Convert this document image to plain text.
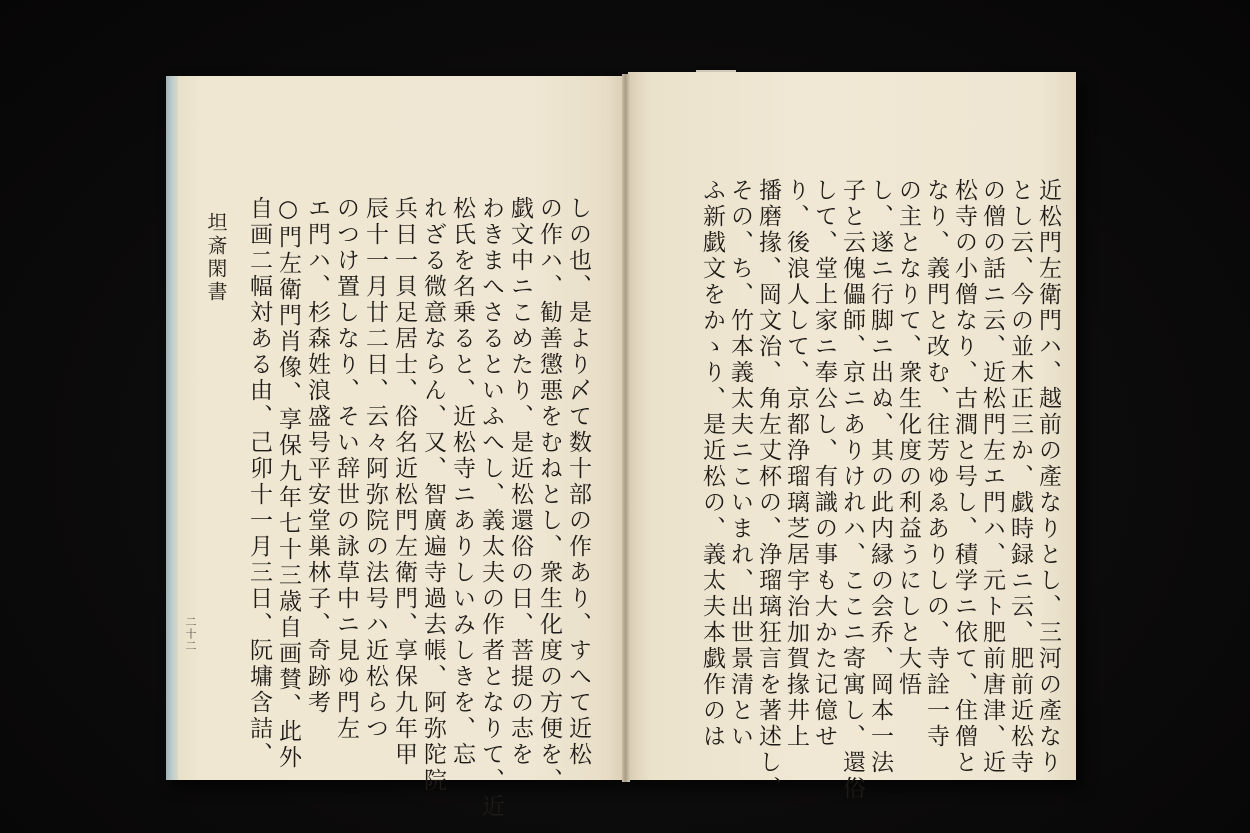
しの也、是より〆て数十部の作あり、すへて近松
の作ハ、勧善懲悪をむねとし、衆生化度の方便を、
戯文中ニこめたり、是近松還俗の日、菩提の志を
わきまへさるといふへし、義太夫の作者となりて、近
松氏を名乗ると、近松寺ニありしいみしきを、忘
れざる微意ならん、又、智廣遍寺過去帳、阿弥陀院
兵日一貝足居士、俗名近松門左衛門、享保九年甲
辰十一月廿二日、云々阿弥院の法号ハ近松らつ
のつけ置しなり、そい辞世の詠草中ニ見ゆ門左
エ門ハ、杉森姓浪盛号平安堂巣林子、奇跡考
○門左衛門肖像、享保九年七十三歳自画賛、此外
自画二幅対ある由、己卯十一月三日、阮墉含詰、
坦斎閑書
二十二	近松門左衛門ハ、越前の產なりとし、三河の產なり
とし云、今の並木正三か、戯時録ニ云、肥前近松寺
の僧の話ニ云、近松門左エ門ハ、元ト肥前唐津、近
松寺の小僧なり、古澗と号し、積学ニ依て、住僧と
なり、義門と改む、往芳ゆゑありしの、寺詮一寺
の主となりて、衆生化度の利益うにしと大悟
し、遂ニ行脚ニ出ぬ、其の此内縁の会乔、岡本一法
子と云傀儡師、京ニありけれハ、ここニ寄寓し、還俗
して、堂上家ニ奉公し、有識の事も大かた记億せ
り、後浪人して、京都浄瑠璃芝居宇治加賀掾井上
播磨掾、岡文治、角左丈杯の、浄瑠璃狂言を著述し、
その、ち、竹本義太夫ニこいまれ、出世景清とい
ふ新戯文をかゝり、是近松の、義太夫本戯作のは
